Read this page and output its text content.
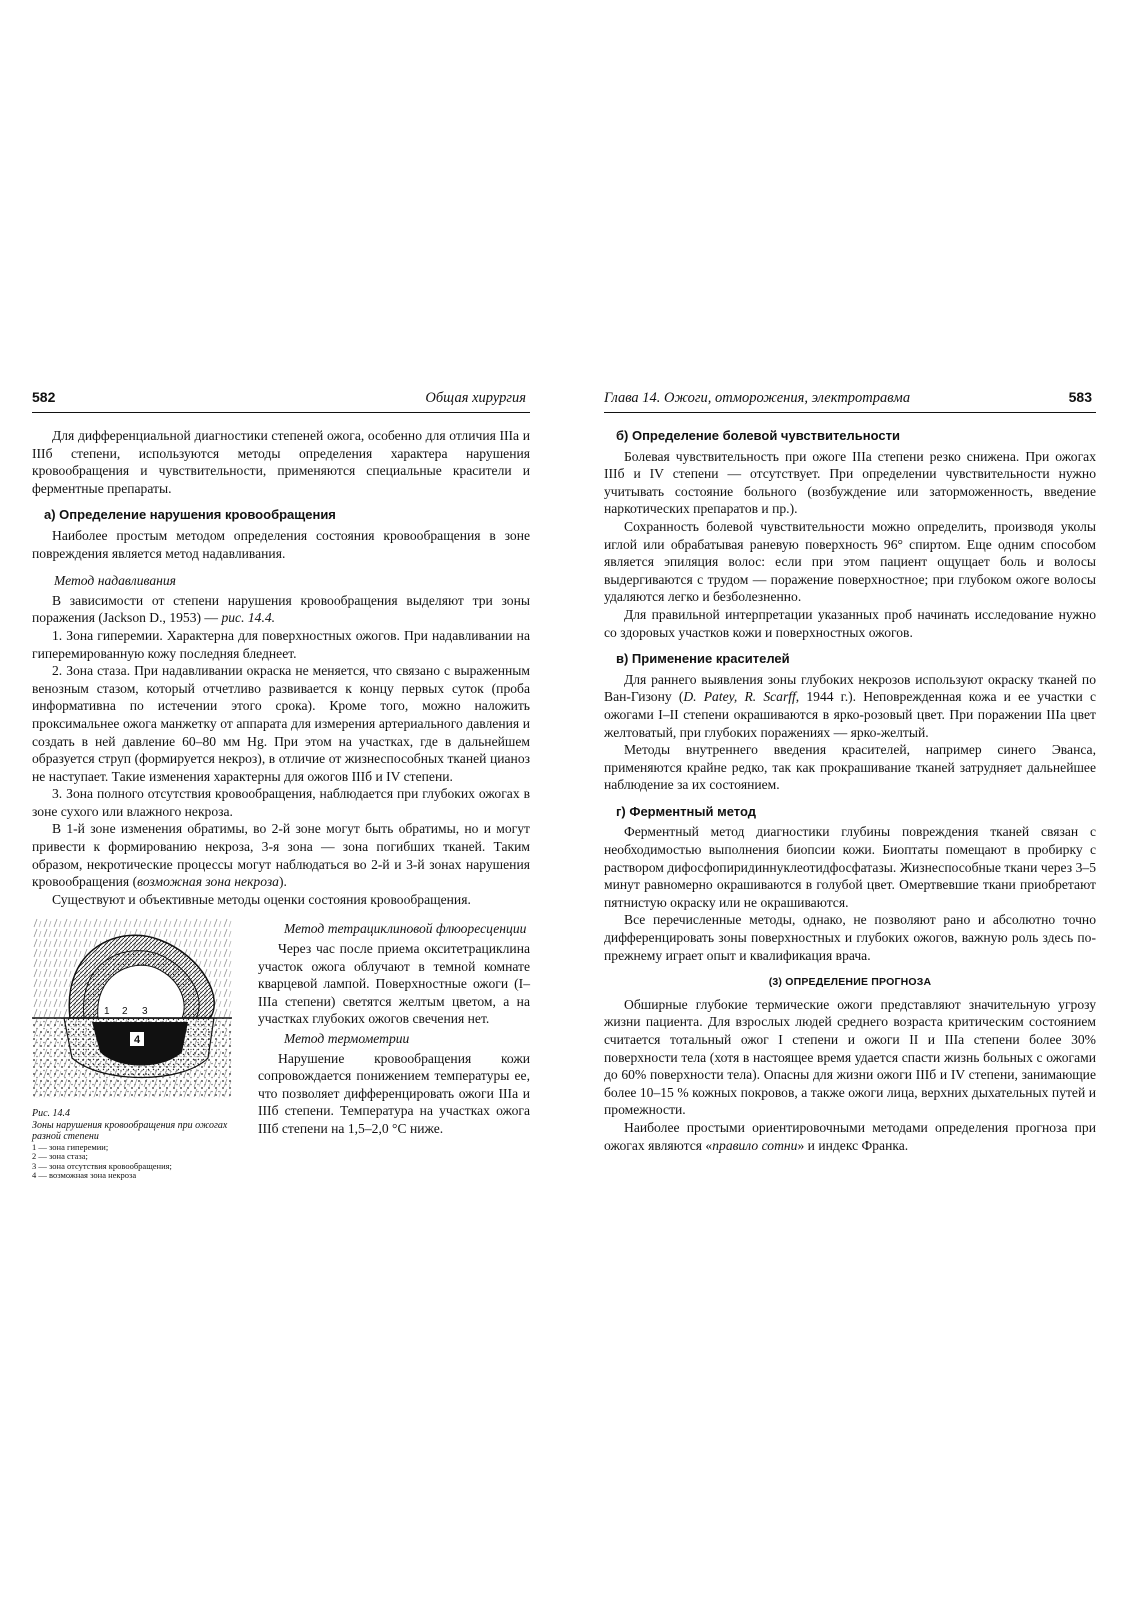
582	Общая хирургия

Для дифференциальной диагностики степеней ожога, особенно для отличия IIIа и IIIб степени, используются методы определения характера нарушения кровообращения и чувствительности, применяются специальные красители и ферментные препараты.

а) Определение нарушения кровообращения

Наиболее простым методом определения состояния кровообращения в зоне повреждения является метод надавливания.

Метод надавливания

В зависимости от степени нарушения кровообращения выделяют три зоны поражения (Jackson D., 1953) — рис. 14.4.

1. Зона гиперемии. Характерна для поверхностных ожогов. При надавливании на гиперемированную кожу последняя бледнеет.

2. Зона стаза. При надавливании окраска не меняется, что связано с выраженным венозным стазом, который отчетливо развивается к концу первых суток (проба информативна по истечении этого срока). Кроме того, можно наложить проксимальнее ожога манжетку от аппарата для измерения артериального давления и создать в ней давление 60–80 мм Hg. При этом на участках, где в дальнейшем образуется струп (формируется некроз), в отличие от жизнеспособных тканей цианоз не наступает. Такие изменения характерны для ожогов IIIб и IV степени.

3. Зона полного отсутствия кровообращения, наблюдается при глубоких ожогах в зоне сухого или влажного некроза.

В 1-й зоне изменения обратимы, во 2-й зоне могут быть обратимы, но и могут привести к формированию некроза, 3-я зона — зона погибших тканей. Таким образом, некротические процессы могут наблюдаться во 2-й и 3-й зонах нарушения кровообращения (возможная зона некроза).

Существуют и объективные методы оценки состояния кровообращения.

4
1 2 3
Рис. 14.4
Зоны нарушения кровообращения при ожогах разной степени
1 — зона гиперемии;
2 — зона стаза;
3 — зона отсутствия кровообращения;
4 — возможная зона некроза
Метод тетрациклиновой флюоресценции

Через час после приема окситетрациклина участок ожога облучают в темной комнате кварцевой лампой. Поверхностные ожоги (I–IIIа степени) светятся желтым цветом, а на участках глубоких ожогов свечения нет.

Метод термометрии

Нарушение кровообращения кожи сопровождается понижением температуры ее, что позволяет дифференцировать ожоги IIIа и IIIб степени. Температура на участках ожога IIIб степени на 1,5–2,0 °С ниже.

Глава 14. Ожоги, отморожения, электротравма	583
б) Определение болевой чувствительности

Болевая чувствительность при ожоге IIIа степени резко снижена. При ожогах IIIб и IV степени — отсутствует. При определении чувствительности нужно учитывать состояние больного (возбуждение или заторможенность, введение наркотических препаратов и пр.).

Сохранность болевой чувствительности можно определить, производя уколы иглой или обрабатывая раневую поверхность 96° спиртом. Еще одним способом является эпиляция волос: если при этом пациент ощущает боль и волосы выдергиваются с трудом — поражение поверхностное; при глубоком ожоге волосы удаляются легко и безболезненно.

Для правильной интерпретации указанных проб начинать исследование нужно со здоровых участков кожи и поверхностных ожогов.

в) Применение красителей

Для раннего выявления зоны глубоких некрозов используют окраску тканей по Ван-Гизону (D. Patey, R. Scarff, 1944 г.). Неповрежденная кожа и ее участки с ожогами I–II степени окрашиваются в ярко-розовый цвет. При поражении IIIа цвет желтоватый, при глубоких поражениях — ярко-желтый.

Методы внутреннего введения красителей, например синего Эванса, применяются крайне редко, так как прокрашивание тканей затрудняет дальнейшее наблюдение за их состоянием.

г) Ферментный метод

Ферментный метод диагностики глубины повреждения тканей связан с необходимостью выполнения биопсии кожи. Биоптаты помещают в пробирку с раствором дифосфопиридиннуклеотидфосфатазы. Жизнеспособные ткани через 3–5 минут равномерно окрашиваются в голубой цвет. Омертвевшие ткани приобретают пятнистую окраску или не окрашиваются.

Все перечисленные методы, однако, не позволяют рано и абсолютно точно дифференцировать зоны поверхностных и глубоких ожогов, важную роль здесь по-прежнему играет опыт и квалификация врача.

(3) ОПРЕДЕЛЕНИЕ ПРОГНОЗА

Обширные глубокие термические ожоги представляют значительную угрозу жизни пациента. Для взрослых людей среднего возраста критическим состоянием считается тотальный ожог I степени и ожоги II и IIIа степени более 30% поверхности тела (хотя в настоящее время удается спасти жизнь больных с ожогами до 60% поверхности тела). Опасны для жизни ожоги IIIб и IV степени, занимающие более 10–15 % кожных покровов, а также ожоги лица, верхних дыхательных путей и промежности.

Наиболее простыми ориентировочными методами определения прогноза при ожогах являются «правило сотни» и индекс Франка.
